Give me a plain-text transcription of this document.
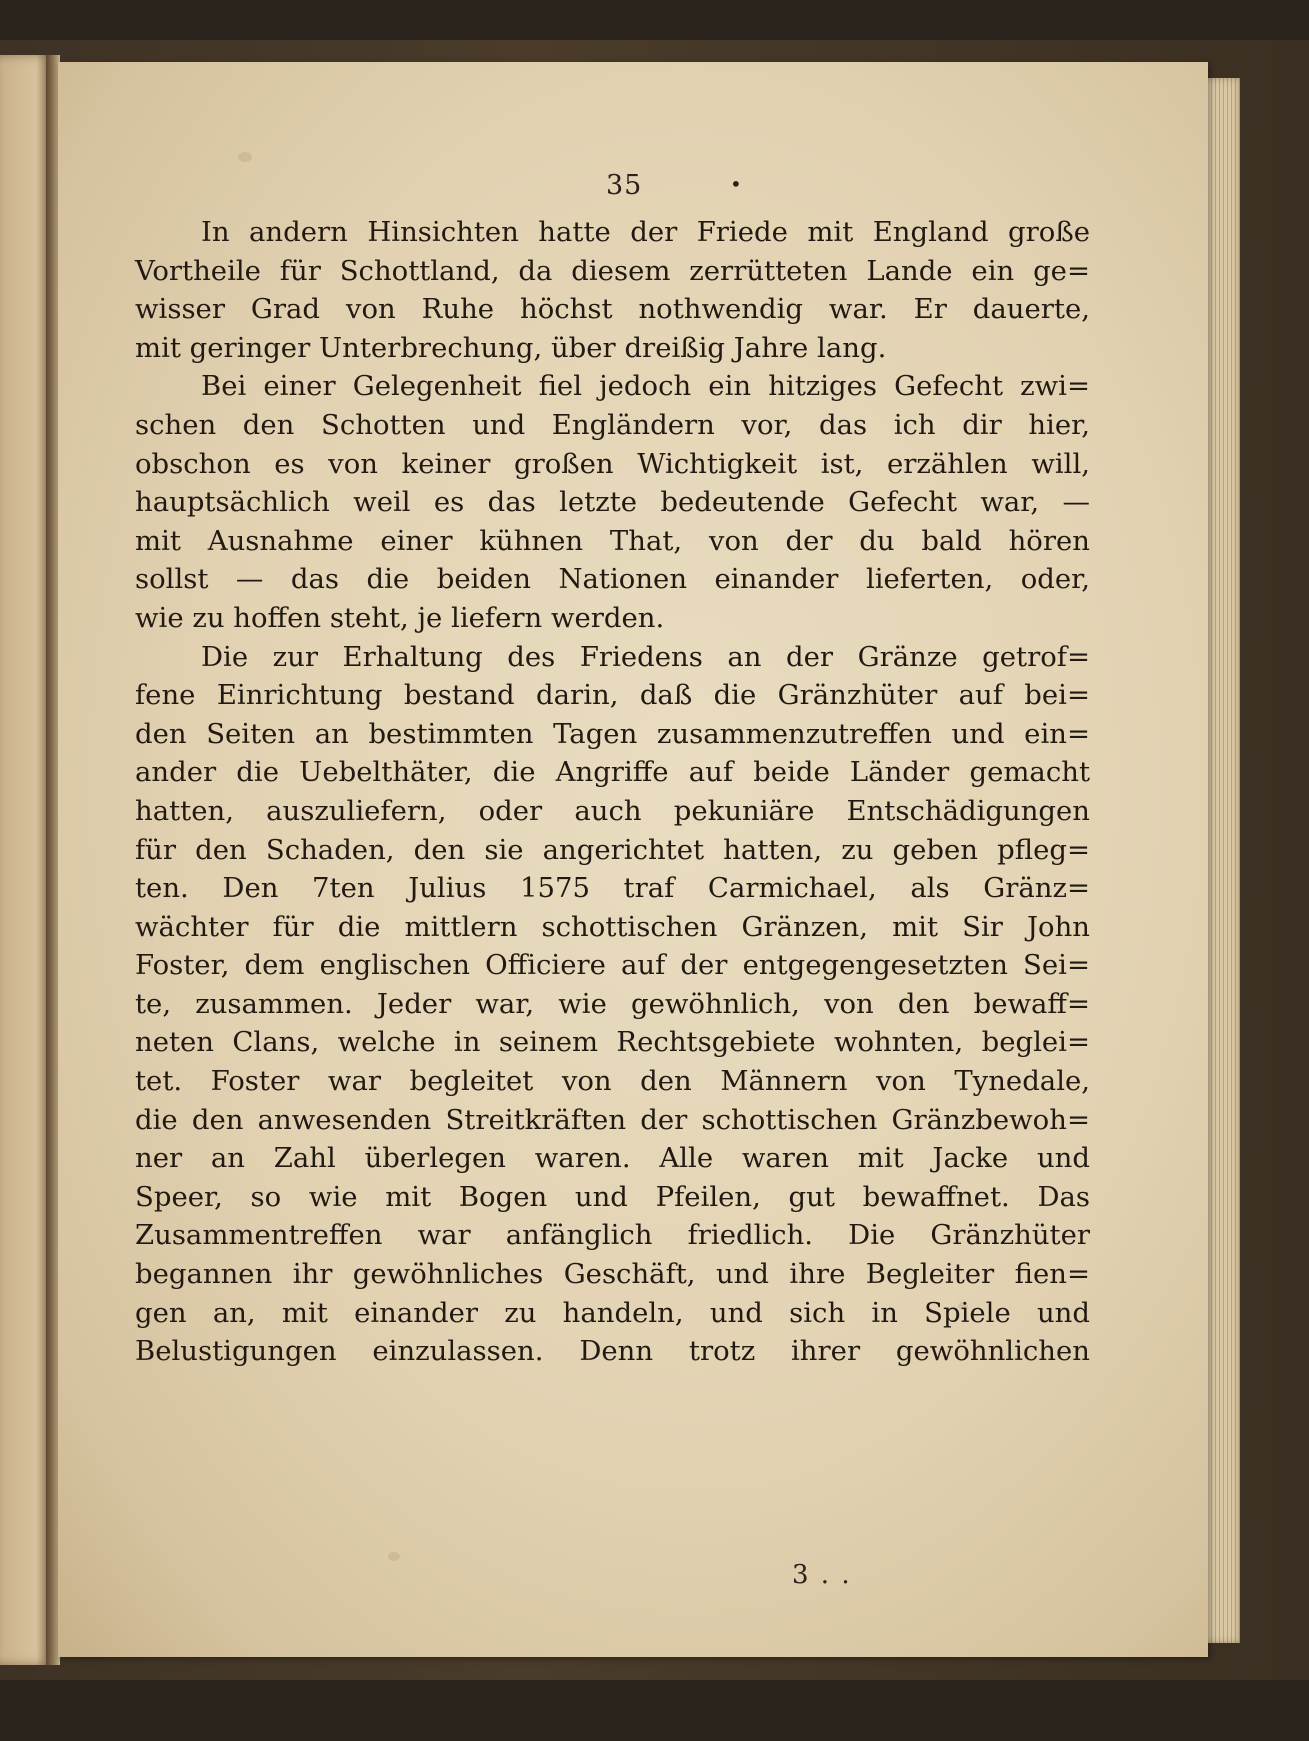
35	•
In andern Hinsichten hatte der Friede mit England große
Vortheile für Schottland, da diesem zerrütteten Lande ein ge=
wisser Grad von Ruhe höchst nothwendig war. Er dauerte,
mit geringer Unterbrechung, über dreißig Jahre lang.
Bei einer Gelegenheit fiel jedoch ein hitziges Gefecht zwi=
schen den Schotten und Engländern vor, das ich dir hier,
obschon es von keiner großen Wichtigkeit ist, erzählen will,
hauptsächlich weil es das letzte bedeutende Gefecht war, —
mit Ausnahme einer kühnen That, von der du bald hören
sollst — das die beiden Nationen einander lieferten, oder,
wie zu hoffen steht, je liefern werden.
Die zur Erhaltung des Friedens an der Gränze getrof=
fene Einrichtung bestand darin, daß die Gränzhüter auf bei=
den Seiten an bestimmten Tagen zusammenzutreffen und ein=
ander die Uebelthäter, die Angriffe auf beide Länder gemacht
hatten, auszuliefern, oder auch pekuniäre Entschädigungen
für den Schaden, den sie angerichtet hatten, zu geben pfleg=
ten. Den 7ten Julius 1575 traf Carmichael, als Gränz=
wächter für die mittlern schottischen Gränzen, mit Sir John
Foster, dem englischen Officiere auf der entgegengesetzten Sei=
te, zusammen. Jeder war, wie gewöhnlich, von den bewaff=
neten Clans, welche in seinem Rechtsgebiete wohnten, beglei=
tet. Foster war begleitet von den Männern von Tynedale,
die den anwesenden Streitkräften der schottischen Gränzbewoh=
ner an Zahl überlegen waren. Alle waren mit Jacke und
Speer, so wie mit Bogen und Pfeilen, gut bewaffnet. Das
Zusammentreffen war anfänglich friedlich. Die Gränzhüter
begannen ihr gewöhnliches Geschäft, und ihre Begleiter fien=
gen an, mit einander zu handeln, und sich in Spiele und
Belustigungen einzulassen. Denn trotz ihrer gewöhnlichen
3 . .
